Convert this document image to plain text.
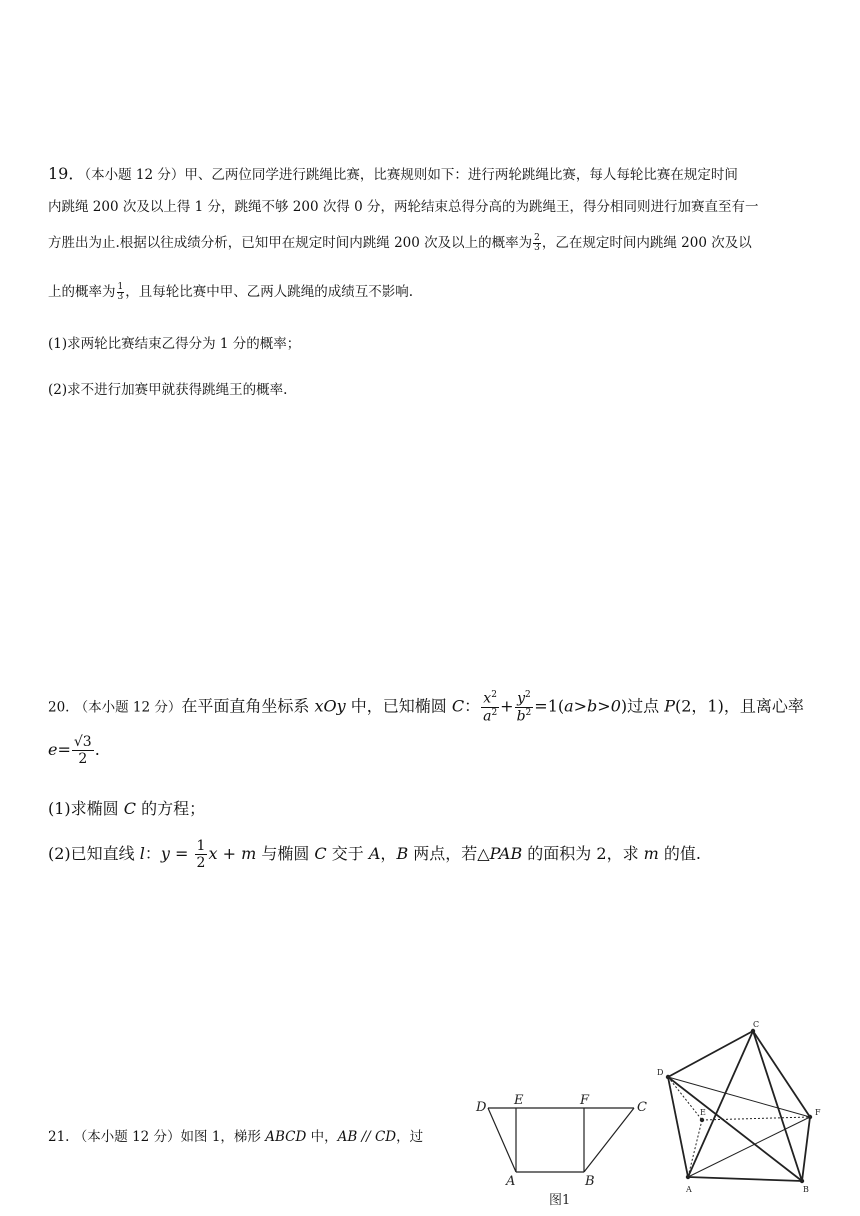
19．（本小题 12 分）甲、乙两位同学进行跳绳比赛，比赛规则如下：进行两轮跳绳比赛，每人每轮比赛在规定时间
内跳绳 200 次及以上得 1 分，跳绳不够 200 次得 0 分，两轮结束总得分高的为跳绳王，得分相同则进行加赛直至有一
方胜出为止.根据以往成绩分析，已知甲在规定时间内跳绳 200 次及以上的概率为 $\frac{2}{3}$ ，乙在规定时间内跳绳 200 次及以
上的概率为 $\frac{1}{3}$ ，且每轮比赛中甲、乙两人跳绳的成绩互不影响.
(1)求两轮比赛结束乙得分为 1 分的概率；
(2)求不进行加赛甲就获得跳绳王的概率.
20. （本小题 12 分）在平面直角坐标系 xOy 中，已知椭圆 C： $\frac{x^2}{a^2} + \frac{y^2}{b^2} =1(a>b>0)$过点 P(2，1)，且离心率
$e= \frac{√3}{2}$ .
(1)求椭圆 C 的方程；
(2)已知直线 l：$y = \frac{1}{2}$ x + m 与椭圆 C 交于 A，B 两点，若△PAB 的面积为 2，求 m 的值.
21. （本小题 12 分）如图 1，梯形 ABCD 中，AB // CD，过
D E	F	C
A	B
图1
C
D
E	F
A	B
